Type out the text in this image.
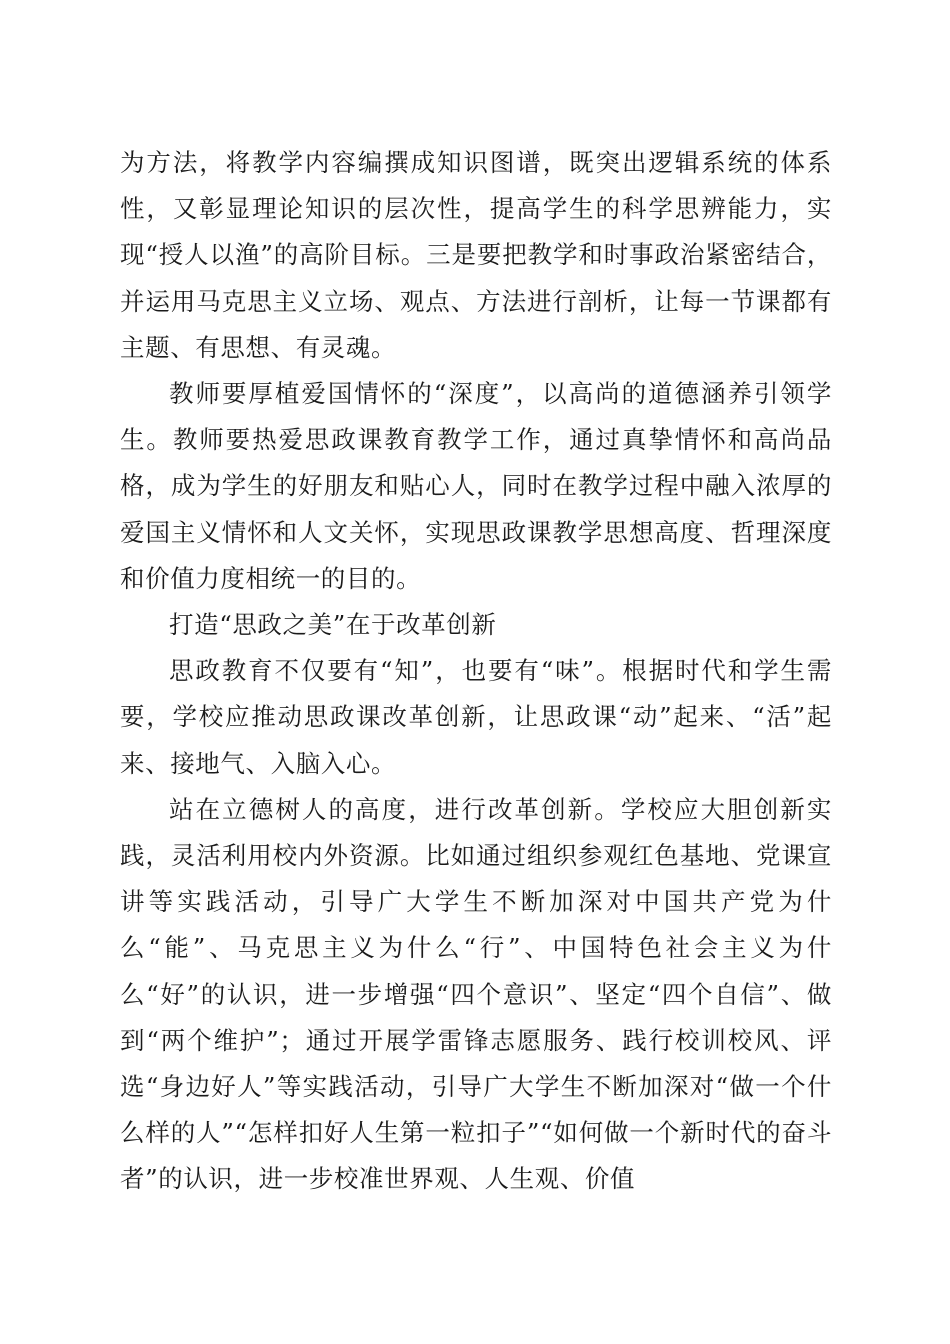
为方法，将教学内容编撰成知识图谱，既突出逻辑系统的体系性，又彰显理论知识的层次性，提高学生的科学思辨能力，实现“授人以渔”的高阶目标。三是要把教学和时事政治紧密结合，并运用马克思主义立场、观点、方法进行剖析，让每一节课都有主题、有思想、有灵魂。

教师要厚植爱国情怀的“深度”，以高尚的道德涵养引领学生。教师要热爱思政课教育教学工作，通过真挚情怀和高尚品格，成为学生的好朋友和贴心人，同时在教学过程中融入浓厚的爱国主义情怀和人文关怀，实现思政课教学思想高度、哲理深度和价值力度相统一的目的。

打造“思政之美”在于改革创新

思政教育不仅要有“知”，也要有“味”。根据时代和学生需要，学校应推动思政课改革创新，让思政课“动”起来、“活”起来、接地气、入脑入心。

站在立德树人的高度，进行改革创新。学校应大胆创新实践，灵活利用校内外资源。比如通过组织参观红色基地、党课宣讲等实践活动，引导广大学生不断加深对中国共产党为什么“能”、马克思主义为什么“行”、中国特色社会主义为什么“好”的认识，进一步增强“四个意识”、坚定“四个自信”、做到“两个维护”；通过开展学雷锋志愿服务、践行校训校风、评选“身边好人”等实践活动，引导广大学生不断加深对“做一个什么样的人”“怎样扣好人生第一粒扣子”“如何做一个新时代的奋斗者”的认识，进一步校准世界观、人生观、价值
